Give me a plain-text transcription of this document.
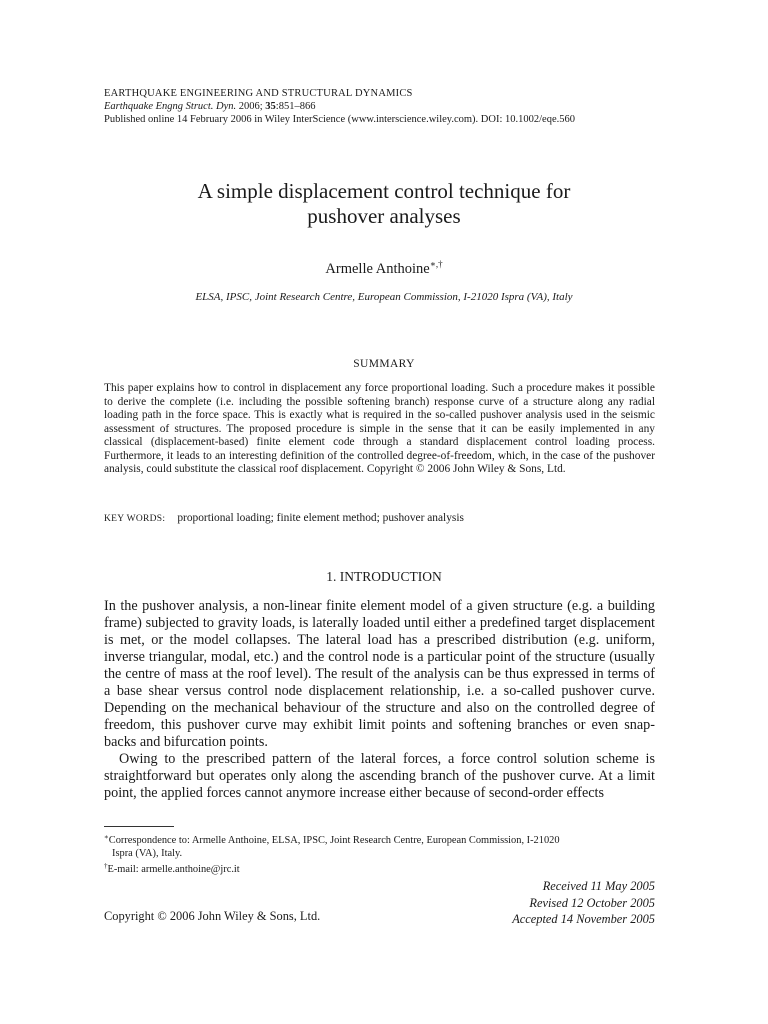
EARTHQUAKE ENGINEERING AND STRUCTURAL DYNAMICS
Earthquake Engng Struct. Dyn. 2006; 35:851–866
Published online 14 February 2006 in Wiley InterScience (www.interscience.wiley.com). DOI: 10.1002/eqe.560
A simple displacement control technique for
pushover analyses
Armelle Anthoine∗,†
ELSA, IPSC, Joint Research Centre, European Commission, I-21020 Ispra (VA), Italy
SUMMARY
This paper explains how to control in displacement any force proportional loading. Such a procedure makes it possible to derive the complete (i.e. including the possible softening branch) response curve of a structure along any radial loading path in the force space. This is exactly what is required in the so-called pushover analysis used in the seismic assessment of structures. The proposed procedure is simple in the sense that it can be easily implemented in any classical (displacement-based) finite element code through a standard displacement control loading process. Furthermore, it leads to an interesting definition of the controlled degree-of-freedom, which, in the case of the pushover analysis, could substitute the classical roof displacement. Copyright © 2006 John Wiley & Sons, Ltd.
KEY WORDS: proportional loading; finite element method; pushover analysis
1. INTRODUCTION

In the pushover analysis, a non-linear finite element model of a given structure (e.g. a building frame) subjected to gravity loads, is laterally loaded until either a predefined target displacement is met, or the model collapses. The lateral load has a prescribed distribution (e.g. uniform, inverse triangular, modal, etc.) and the control node is a particular point of the structure (usually the centre of mass at the roof level). The result of the analysis can be thus expressed in terms of a base shear versus control node displacement relationship, i.e. a so-called pushover curve. Depending on the mechanical behaviour of the structure and also on the controlled degree of freedom, this pushover curve may exhibit limit points and softening branches or even snap-backs and bifurcation points.

Owing to the prescribed pattern of the lateral forces, a force control solution scheme is straightforward but operates only along the ascending branch of the pushover curve. At a limit point, the applied forces cannot anymore increase either because of second-order effects

∗Correspondence to: Armelle Anthoine, ELSA, IPSC, Joint Research Centre, European Commission, I-21020

Ispra (VA), Italy.

†E-mail: armelle.anthoine@jrc.it

Received 11 May 2005
Revised 12 October 2005
Accepted 14 November 2005
Copyright © 2006 John Wiley & Sons, Ltd.
